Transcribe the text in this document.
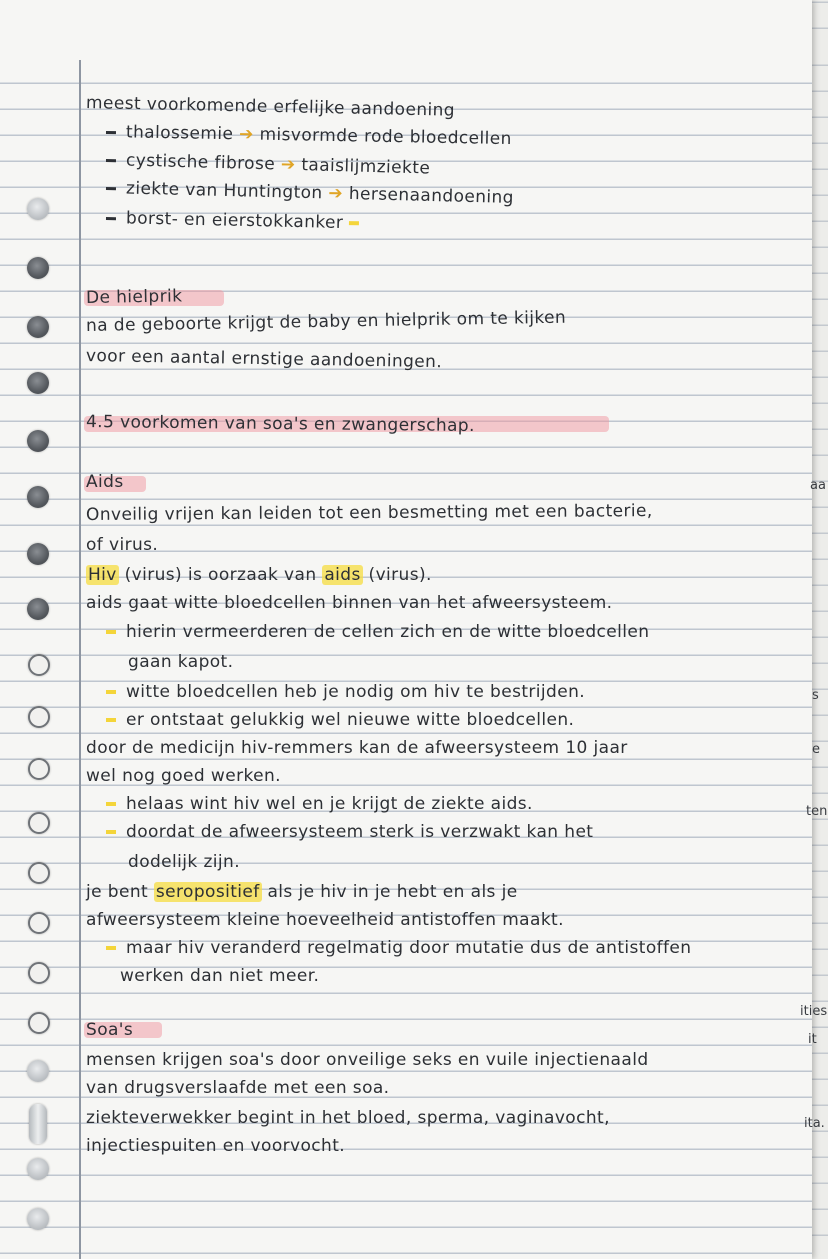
meest voorkomende erfelijke aandoening
thalossemie ➔ misvormde rode bloedcellen
cystische fibrose ➔ taaislijmziekte
ziekte van Huntington ➔ hersenaandoening
borst- en eierstokkanker
De hielprik
na de geboorte krijgt de baby en hielprik om te kijken
voor een aantal ernstige aandoeningen.
4.5 voorkomen van soa's en zwangerschap.
Aids
Onveilig vrijen kan leiden tot een besmetting met een bacterie,
of virus.
Hiv (virus) is oorzaak van aids (virus).
aids gaat witte bloedcellen binnen van het afweersysteem.
hierin vermeerderen de cellen zich en de witte bloedcellen
gaan kapot.
witte bloedcellen heb je nodig om hiv te bestrijden.
er ontstaat gelukkig wel nieuwe witte bloedcellen.
door de medicijn hiv-remmers kan de afweersysteem 10 jaar
wel nog goed werken.
helaas wint hiv wel en je krijgt de ziekte aids.
doordat de afweersysteem sterk is verzwakt kan het
dodelijk zijn.
je bent seropositief als je hiv in je hebt en als je
afweersysteem kleine hoeveelheid antistoffen maakt.
maar hiv veranderd regelmatig door mutatie dus de antistoffen
werken dan niet meer.
Soa's
mensen krijgen soa's door onveilige seks en vuile injectienaald
van drugsverslaafde met een soa.
ziekteverwekker begint in het bloed, sperma, vaginavocht,
injectiespuiten en voorvocht.
aa
s
e
ten
ities
it
ita.
